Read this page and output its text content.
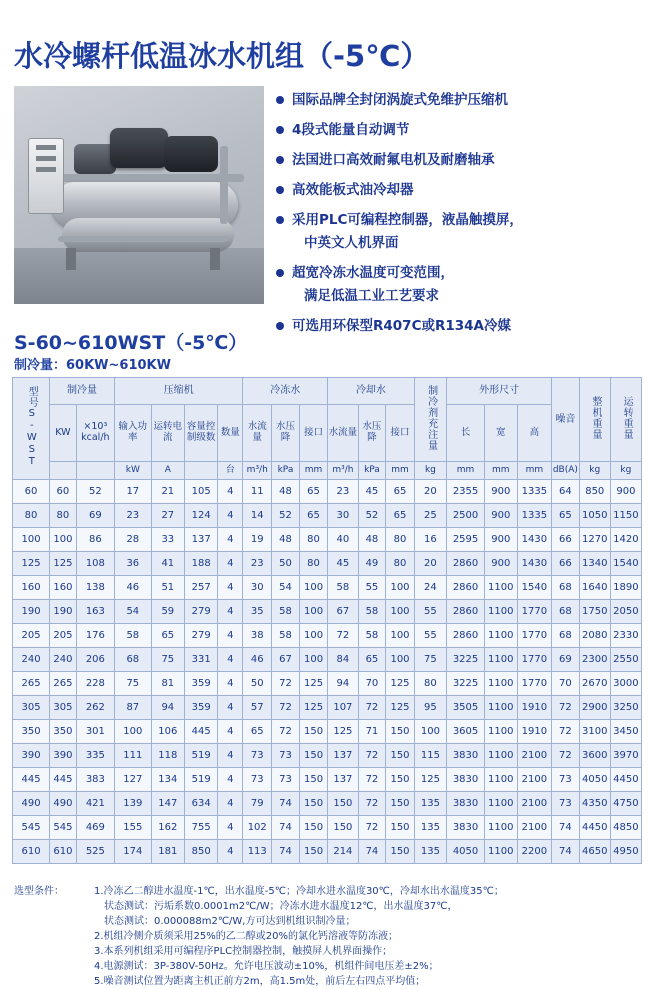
水冷螺杆低温冰水机组（-5℃）
国际品牌全封闭涡旋式免维护压缩机
4段式能量自动调节
法国进口高效耐氟电机及耐磨轴承
高效能板式油冷却器
采用PLC可编程控制器，液晶触摸屏，
中英文人机界面
超宽冷冻水温度可变范围，
满足低温工业工艺要求
可选用环保型R407C或R134A冷媒
S-60~610WST（-5℃）
制冷量：60KW~610KW
型号S-WST	制冷量		压缩机				冷冻水			冷却水			制冷剂充注量	外形尺寸			噪音	整机重量	运转重量
	KW	×10³ kcal/h	输入功率	运转电流	容量控制级数	数量	水流量	水压降	接口	水流量	水压降	接口		长	宽	高			
			kW	A		台	m³/h	kPa	mm	m³/h	kPa	mm	kg	mm	mm	mm	dB(A)	kg	kg
60	60	52	17	21	105	4	11	48	65	23	45	65	20	2355	900	1335	64	850	900
80	80	69	23	27	124	4	14	52	65	30	52	65	25	2500	900	1335	65	1050	1150
100	100	86	28	33	137	4	19	48	80	40	48	80	16	2595	900	1430	66	1270	1420
125	125	108	36	41	188	4	23	50	80	45	49	80	20	2860	900	1430	66	1340	1540
160	160	138	46	51	257	4	30	54	100	58	55	100	24	2860	1100	1540	68	1640	1890
190	190	163	54	59	279	4	35	58	100	67	58	100	55	2860	1100	1770	68	1750	2050
205	205	176	58	65	279	4	38	58	100	72	58	100	55	2860	1100	1770	68	2080	2330
240	240	206	68	75	331	4	46	67	100	84	65	100	75	3225	1100	1770	69	2300	2550
265	265	228	75	81	359	4	50	72	125	94	70	125	80	3225	1100	1770	70	2670	3000
305	305	262	87	94	359	4	57	72	125	107	72	125	95	3505	1100	1910	72	2900	3250
350	350	301	100	106	445	4	65	72	150	125	71	150	100	3605	1100	1910	72	3100	3450
390	390	335	111	118	519	4	73	73	150	137	72	150	115	3830	1100	2100	72	3600	3970
445	445	383	127	134	519	4	73	73	150	137	72	150	125	3830	1100	2100	73	4050	4450
490	490	421	139	147	634	4	79	74	150	150	72	150	135	3830	1100	2100	73	4350	4750
545	545	469	155	162	755	4	102	74	150	150	72	150	135	3830	1100	2100	74	4450	4850
610	610	525	174	181	850	4	113	74	150	214	74	150	135	4050	1100	2200	74	4650	4950
选型条件：	1.冷冻乙二醇进水温度-1℃，出水温度-5℃；冷却水进水温度30℃，冷却水出水温度35℃；
状态测试：污垢系数0.0001m2℃/W；冷冻水进水温度12℃，出水温度37℃，
状态测试：0.000088m2℃/W,方可达到机组识制冷量；
2.机组冷侧介质须采用25%的乙二醇或20%的氯化钙溶液等防冻液；
3.本系列机组采用可编程序PLC控制器控制，触摸屏人机界面操作；
4.电源测试：3P-380V-50Hz。允许电压波动±10%，机组件间电压差±2%；
5.噪音测试位置为距离主机正前方2m，高1.5m处，前后左右四点平均值；
